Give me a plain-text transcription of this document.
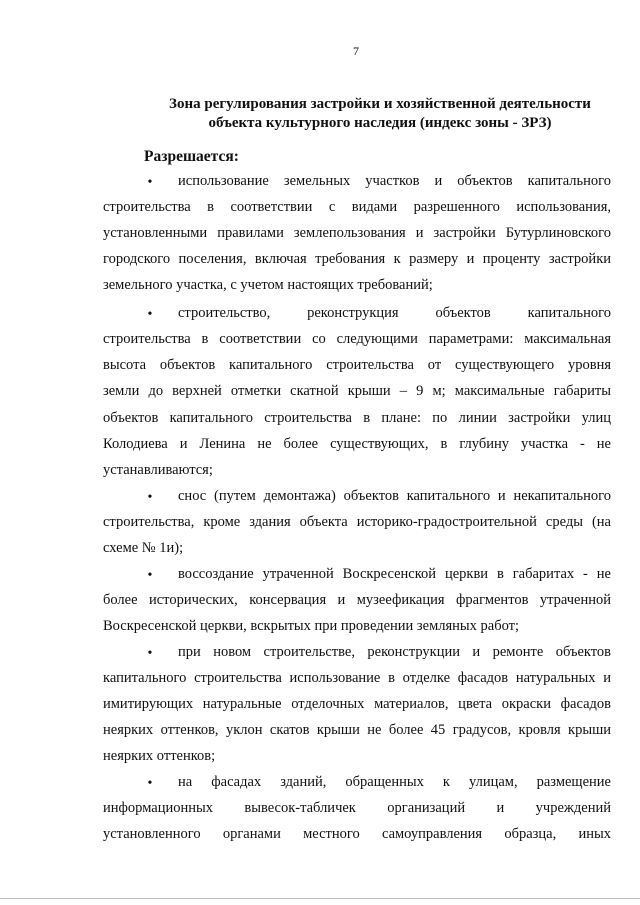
7
Зона регулирования застройки и хозяйственной деятельности
объекта культурного наследия (индекс зоны - ЗРЗ)
Разрешается:
• использование земельных участков и объектов капитального
строительства в соответствии с видами разрешенного использования,
установленными правилами землепользования и застройки Бутурлиновского
городского поселения, включая требования к размеру и проценту застройки
земельного участка, с учетом настоящих требований;
• строительство, реконструкция объектов капитального
строительства в соответствии со следующими параметрами: максимальная
высота объектов капитального строительства от существующего уровня
земли до верхней отметки скатной крыши – 9 м; максимальные габариты
объектов капитального строительства в плане: по линии застройки улиц
Колодиева и Ленина не более существующих, в глубину участка - не
устанавливаются;
• снос (путем демонтажа) объектов капитального и некапитального
строительства, кроме здания объекта историко-градостроительной среды (на
схеме № 1и);
• воссоздание утраченной Воскресенской церкви в габаритах - не
более исторических, консервация и музеефикация фрагментов утраченной
Воскресенской церкви, вскрытых при проведении земляных работ;
• при новом строительстве, реконструкции и ремонте объектов
капитального строительства использование в отделке фасадов натуральных и
имитирующих натуральные отделочных материалов, цвета окраски фасадов
неярких оттенков, уклон скатов крыши не более 45 градусов, кровля крыши
неярких оттенков;
• на фасадах зданий, обращенных к улицам, размещение
информационных вывесок-табличек организаций и учреждений
установленного органами местного самоуправления образца, иных
